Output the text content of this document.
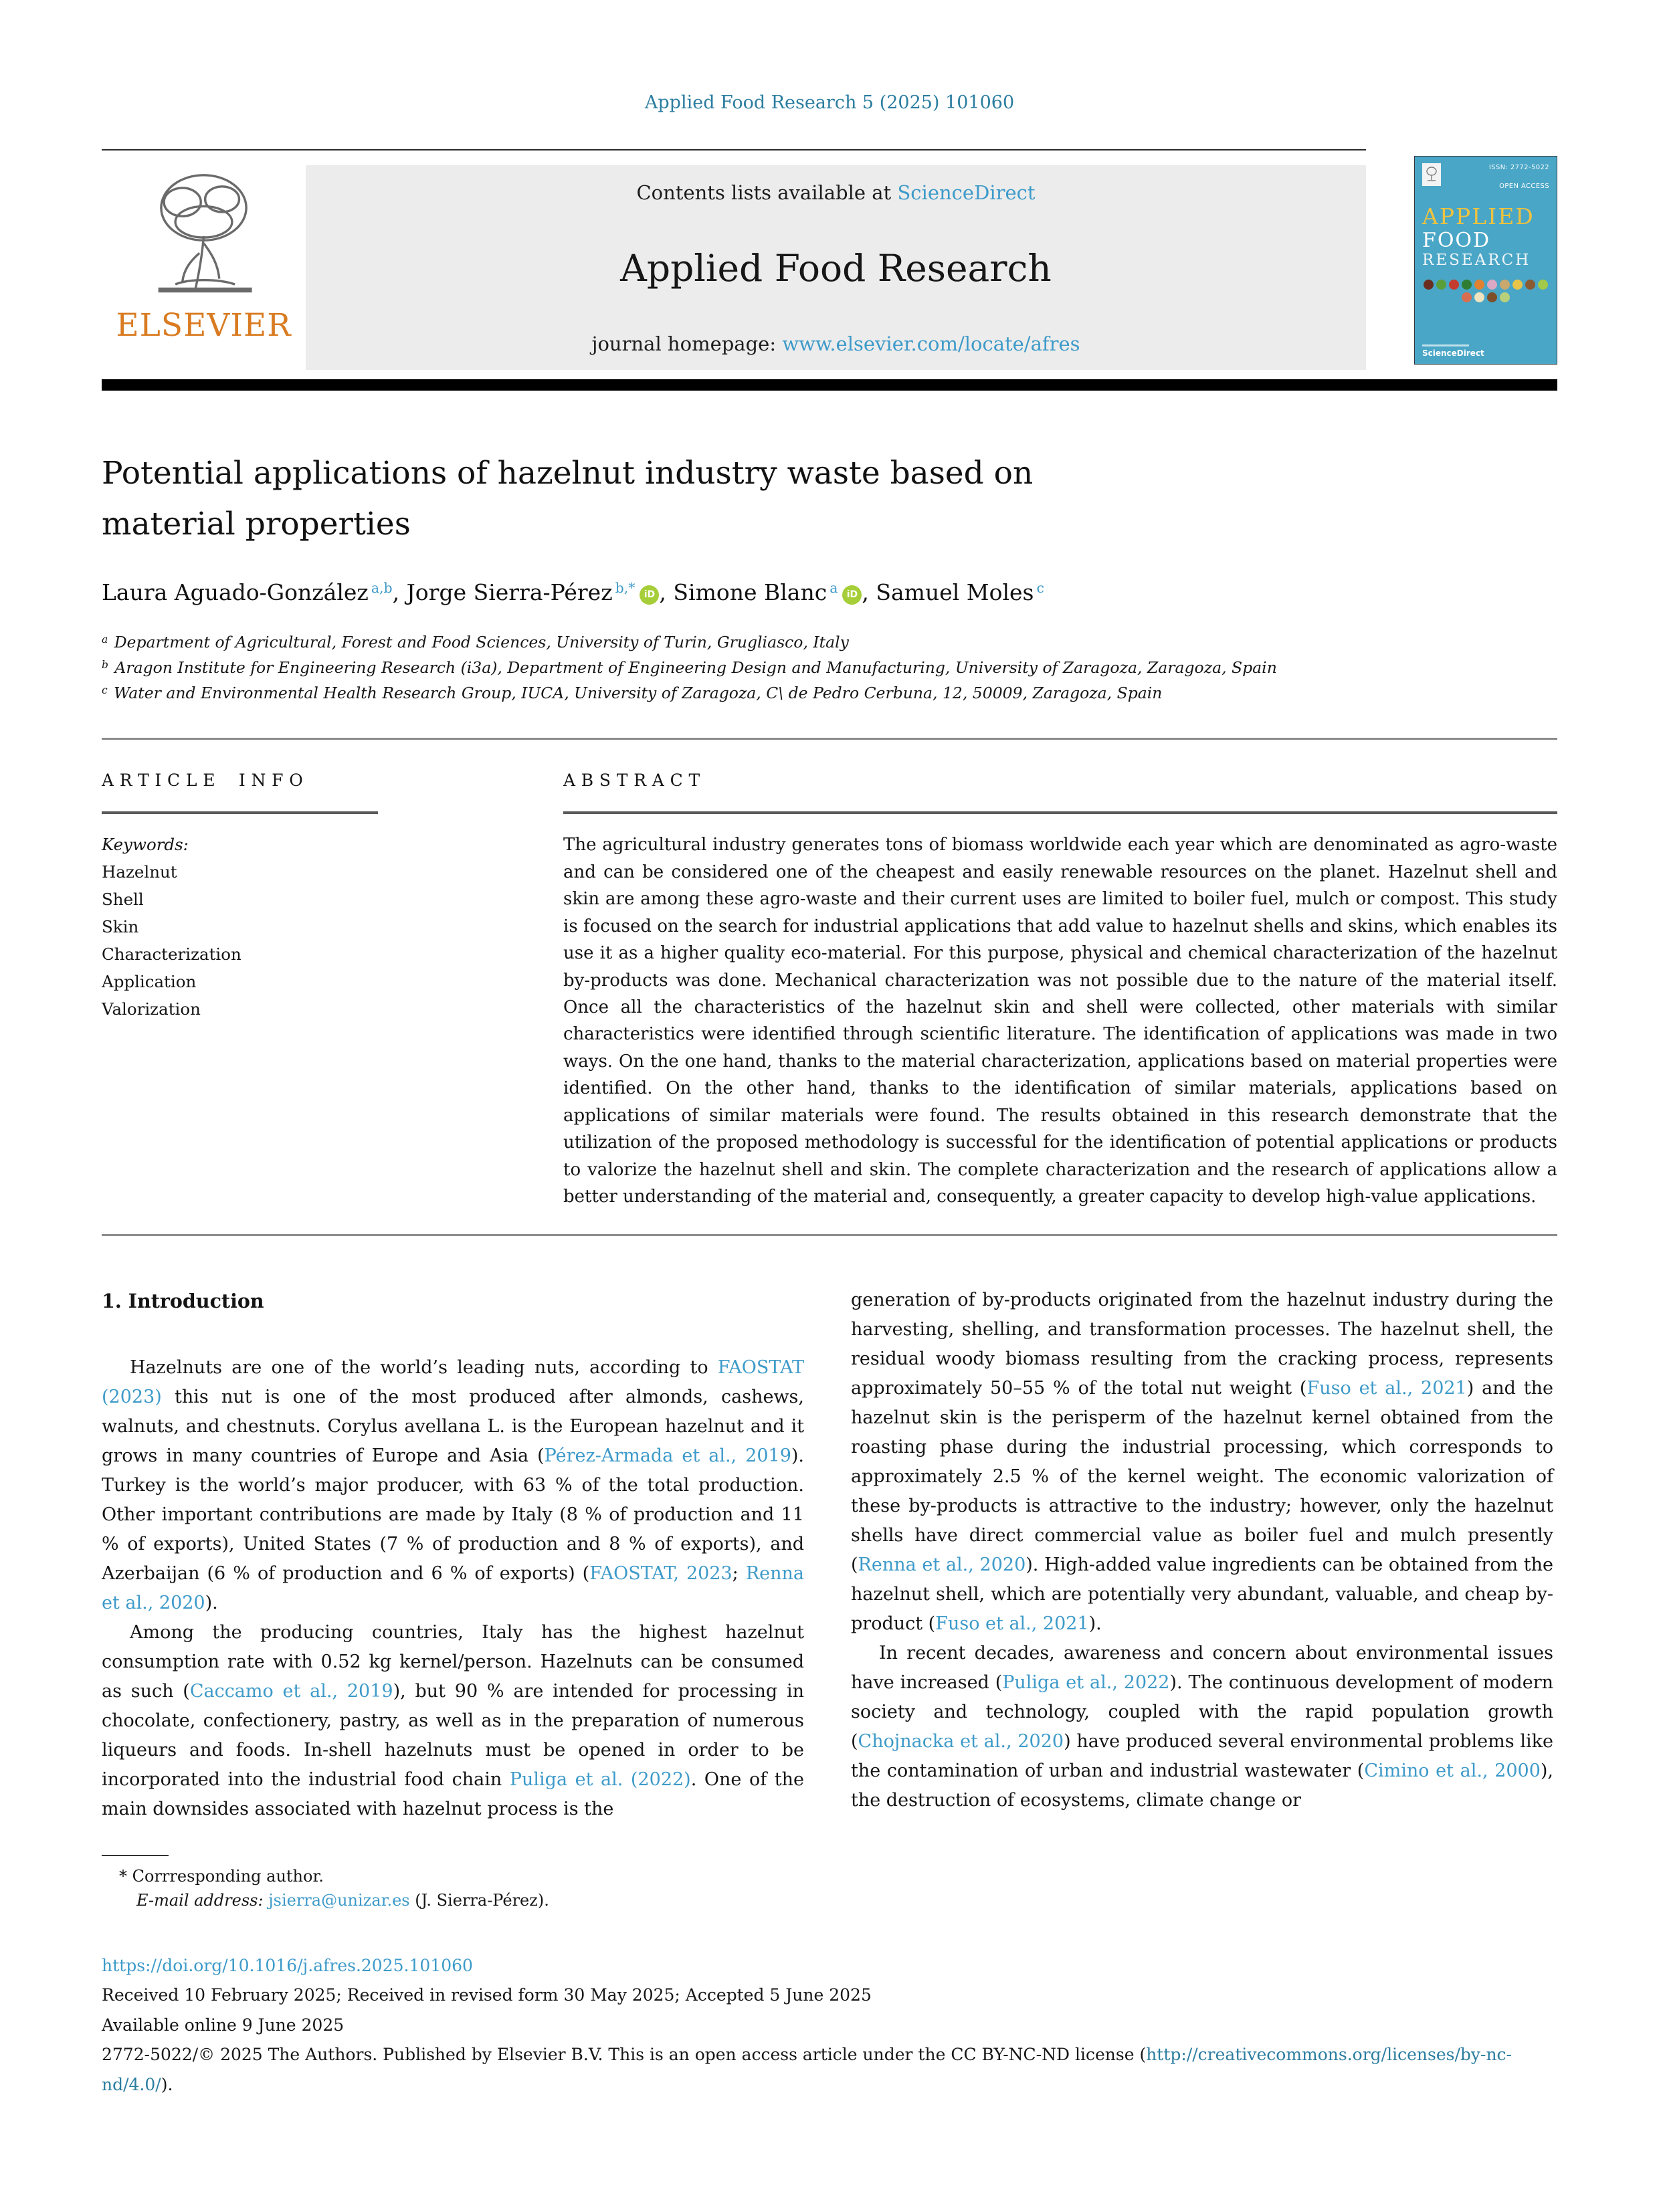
Applied Food Research 5 (2025) 101060
ELSEVIER
Contents lists available at ScienceDirect
Applied Food Research
journal homepage: www.elsevier.com/locate/afres
ISSN: 2772-5022
OPEN ACCESS
APPLIED
FOOD
RESEARCH
ScienceDirect
Potential applications of hazelnut industry waste based on material properties
Laura Aguado-González $^{a,b}$, Jorge Sierra-Pérez $^{b,*}$ iD , Simone Blanc $^a$ iD , Samuel Moles $^c$
$^a$ Department of Agricultural, Forest and Food Sciences, University of Turin, Grugliasco, Italy
$^b$ Aragon Institute for Engineering Research (i3a), Department of Engineering Design and Manufacturing, University of Zaragoza, Zaragoza, Spain
$^c$ Water and Environmental Health Research Group, IUCA, University of Zaragoza, C\ de Pedro Cerbuna, 12, 50009, Zaragoza, Spain
ARTICLE INFO
Keywords:
Hazelnut
Shell
Skin
Characterization
Application
Valorization
ABSTRACT
The agricultural industry generates tons of biomass worldwide each year which are denominated as agro-waste and can be considered one of the cheapest and easily renewable resources on the planet. Hazelnut shell and skin are among these agro-waste and their current uses are limited to boiler fuel, mulch or compost. This study is focused on the search for industrial applications that add value to hazelnut shells and skins, which enables its use it as a higher quality eco-material. For this purpose, physical and chemical characterization of the hazelnut by-products was done. Mechanical characterization was not possible due to the nature of the material itself. Once all the characteristics of the hazelnut skin and shell were collected, other materials with similar characteristics were identified through scientific literature. The identification of applications was made in two ways. On the one hand, thanks to the material characterization, applications based on material properties were identified. On the other hand, thanks to the identification of similar materials, applications based on applications of similar materials were found. The results obtained in this research demonstrate that the utilization of the proposed methodology is successful for the identification of potential applications or products to valorize the hazelnut shell and skin. The complete characterization and the research of applications allow a better understanding of the material and, consequently, a greater capacity to develop high-value applications.
1. Introduction

Hazelnuts are one of the world’s leading nuts, according to FAOSTAT (2023) this nut is one of the most produced after almonds, cashews, walnuts, and chestnuts. Corylus avellana L. is the European hazelnut and it grows in many countries of Europe and Asia (Pérez-Armada et al., 2019). Turkey is the world’s major producer, with 63 % of the total production. Other important contributions are made by Italy (8 % of production and 11 % of exports), United States (7 % of production and 8 % of exports), and Azerbaijan (6 % of production and 6 % of exports) (FAOSTAT, 2023; Renna et al., 2020).

Among the producing countries, Italy has the highest hazelnut consumption rate with 0.52 kg kernel/person. Hazelnuts can be consumed as such (Caccamo et al., 2019), but 90 % are intended for processing in chocolate, confectionery, pastry, as well as in the preparation of numerous liqueurs and foods. In-shell hazelnuts must be opened in order to be incorporated into the industrial food chain Puliga et al. (2022). One of the main downsides associated with hazelnut process is the

generation of by-products originated from the hazelnut industry during the harvesting, shelling, and transformation processes. The hazelnut shell, the residual woody biomass resulting from the cracking process, represents approximately 50–55 % of the total nut weight (Fuso et al., 2021) and the hazelnut skin is the perisperm of the hazelnut kernel obtained from the roasting phase during the industrial processing, which corresponds to approximately 2.5 % of the kernel weight. The economic valorization of these by-products is attractive to the industry; however, only the hazelnut shells have direct commercial value as boiler fuel and mulch presently (Renna et al., 2020). High-added value ingredients can be obtained from the hazelnut shell, which are potentially very abundant, valuable, and cheap by-product (Fuso et al., 2021).

In recent decades, awareness and concern about environmental issues have increased (Puliga et al., 2022). The continuous development of modern society and technology, coupled with the rapid population growth (Chojnacka et al., 2020) have produced several environmental problems like the contamination of urban and industrial wastewater (Cimino et al., 2000), the destruction of ecosystems, climate change or

* Corrresponding author.
E-mail address: jsierra@unizar.es (J. Sierra-Pérez).
https://doi.org/10.1016/j.afres.2025.101060
Received 10 February 2025; Received in revised form 30 May 2025; Accepted 5 June 2025
Available online 9 June 2025
2772-5022/© 2025 The Authors. Published by Elsevier B.V. This is an open access article under the CC BY-NC-ND license (http://creativecommons.org/licenses/by-nc-nd/4.0/).
